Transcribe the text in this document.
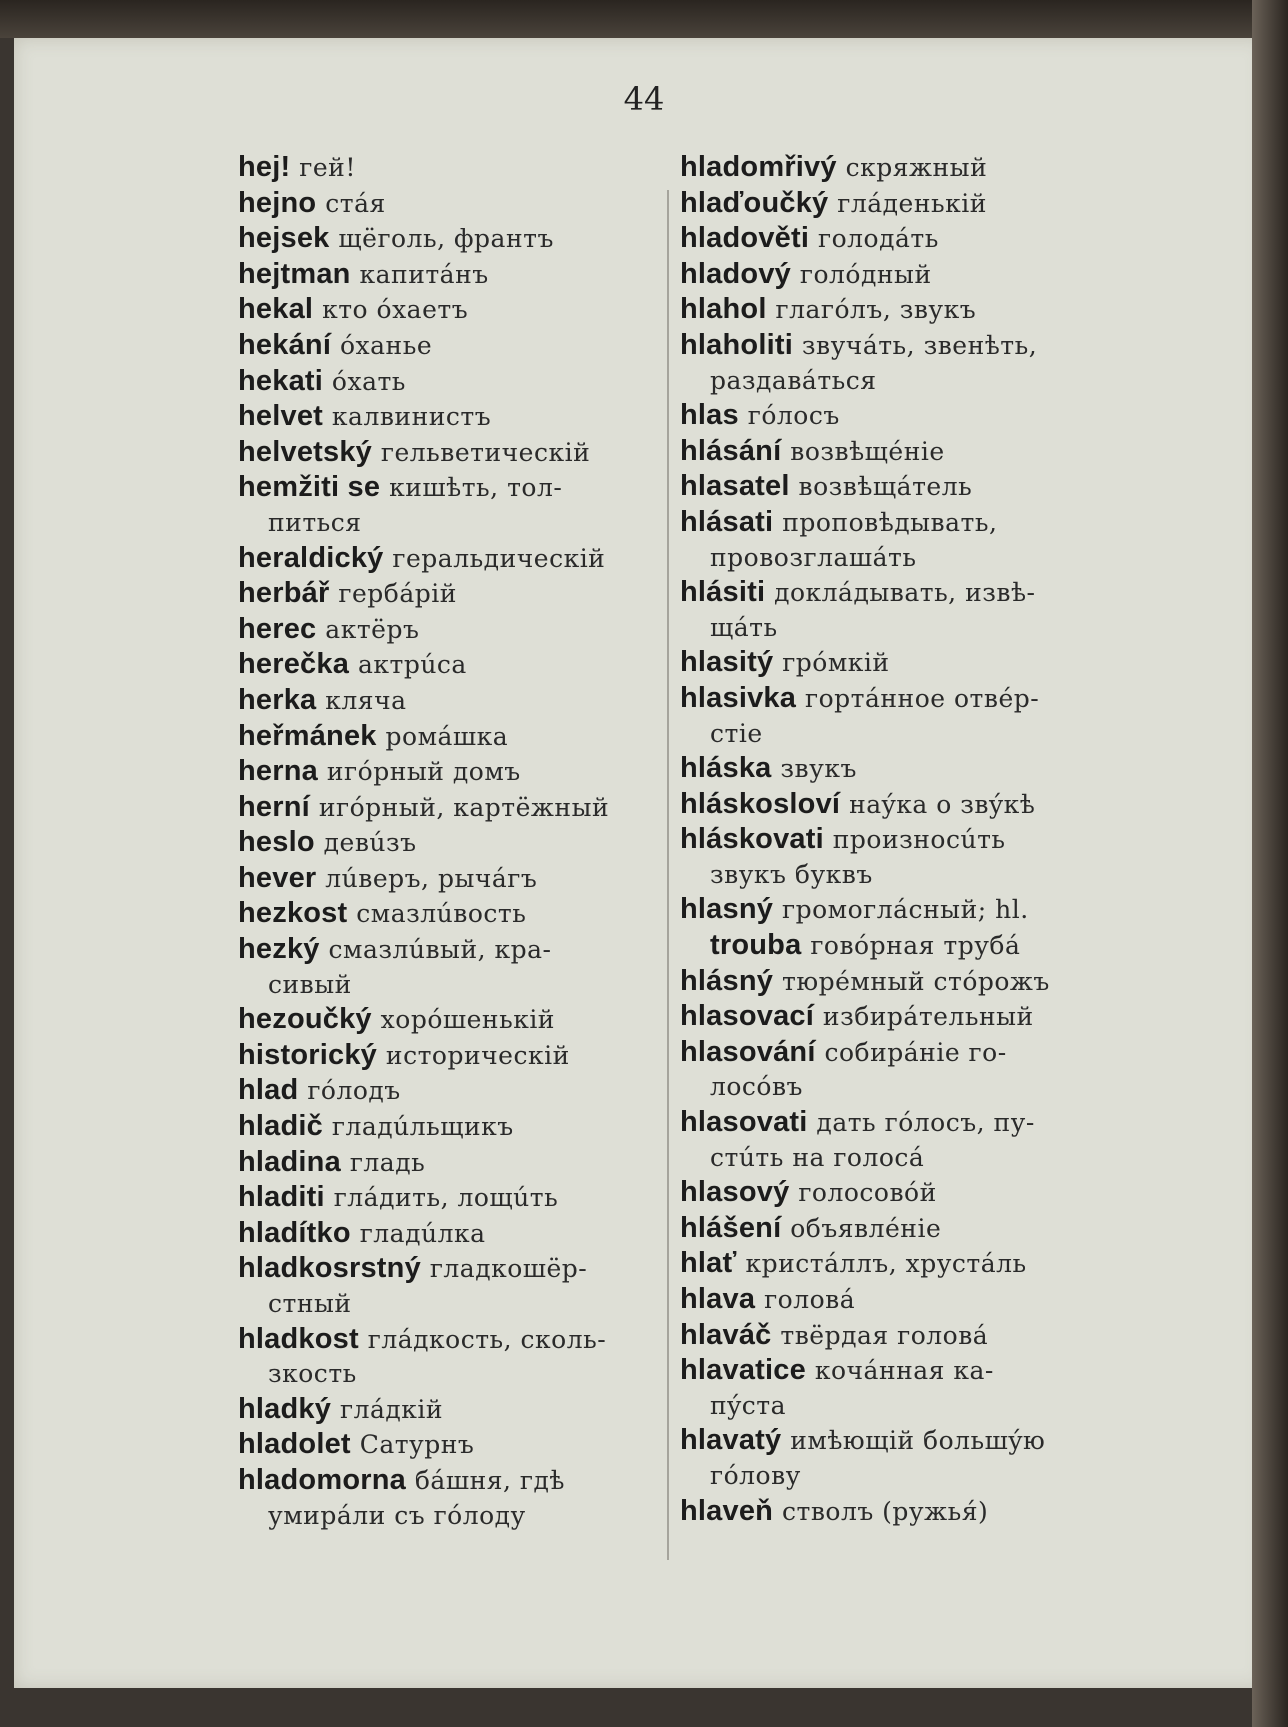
44
hej! гей!
hejno стáя
hejsek щёголь, франтъ
hejtman капитáнъ
hekal кто óхаетъ
hekání óханье
hekati óхать
helvet калвинистъ
helvetský гельветическій
hemžiti se кишѣть, тол-
питься
heraldický геральдическій
herbář гербáрій
herec актёръ
herečka актрúса
herka кляча
heřmánek ромáшка
herna игóрный домъ
herní игóрный, картёжный
heslo девúзъ
hever лúверъ, рычáгъ
hezkost смазлúвость
hezký смазлúвый, кра-
сивый
hezoučký хорóшенькій
historický историческій
hlad гóлодъ
hladič гладúльщикъ
hladina гладь
hladiti глáдить, лощúть
hladítko гладúлка
hladkosrstný гладкошёр-
стный
hladkost глáдкость, сколь-
зкость
hladký глáдкій
hladolet Сатурнъ
hladomorna бáшня, гдѣ
умирáли съ гóлоду
hladomřivý скряжный
hlaďoučký глáденькій
hladověti голодáть
hladový голóдный
hlahol глагóлъ, звукъ
hlaholiti звучáть, звенѣть,
раздавáться
hlas гóлосъ
hlásání возвѣщéніе
hlasatel возвѣщáтель
hlásati проповѣдывать,
провозглашáть
hlásiti доклáдывать, извѣ-
щáть
hlasitý грóмкій
hlasivka гортáнное отвéр-
стіе
hláska звукъ
hláskosloví наýка о звýкѣ
hláskovati произносúть
звукъ буквъ
hlasný громоглáсный; hl.
trouba говóрная трубá
hlásný тюрéмный стóрожъ
hlasovací избирáтельный
hlasování собирáніе го-
лосóвъ
hlasovati дать гóлосъ, пу-
стúть на голосá
hlasový голосовóй
hlášení объявлéніе
hlať кристáллъ, хрустáль
hlava головá
hlaváč твёрдая головá
hlavatice кочáнная ка-
пýста
hlavatý имѣющій большýю
гóлову
hlaveň стволъ (ружья́)
